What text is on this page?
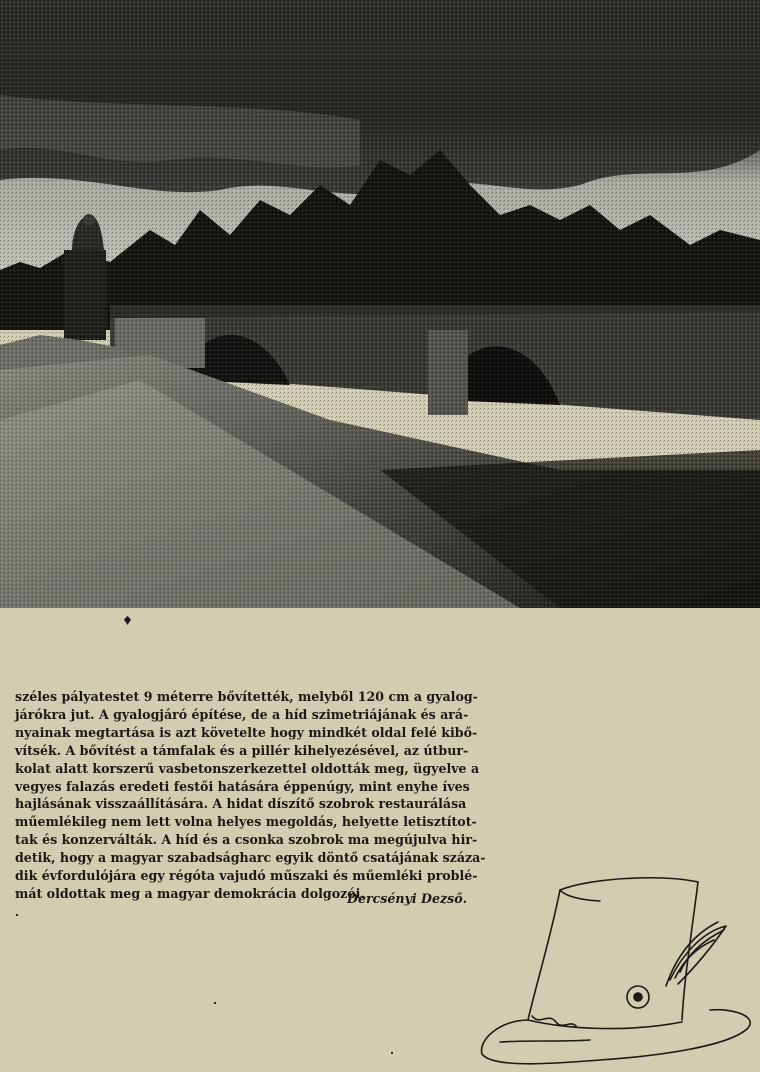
széles pályatestet 9 méterre bővítették, melyből 120 cm a gyalog-
járókra jut. A gyalogjáró építése, de a híd szimetriájának és ará-
nyainak megtartása is azt követelte hogy mindkét oldal felé kibő-
vítsék. A bővítést a támfalak és a pillér kihelyezésével, az útbur-
kolat alatt korszerű vasbetonszerkezettel oldották meg, ügyelve a
vegyes falazás eredeti festői hatására éppenúgy, mint enyhe íves
hajlásának visszaállítására. A hidat díszítő szobrok restaurálása
műemlékileg nem lett volna helyes megoldás, helyette letisztítot-
tak és konzerválták. A híd és a csonka szobrok ma megújulva hir-
detik, hogy a magyar szabadságharc egyik döntő csatájának száza-
dik évfordulójára egy régóta vajudó műszaki és műemléki problé-
mát oldottak meg a magyar demokrácia dolgozói.

Dercsényi Dezső.
